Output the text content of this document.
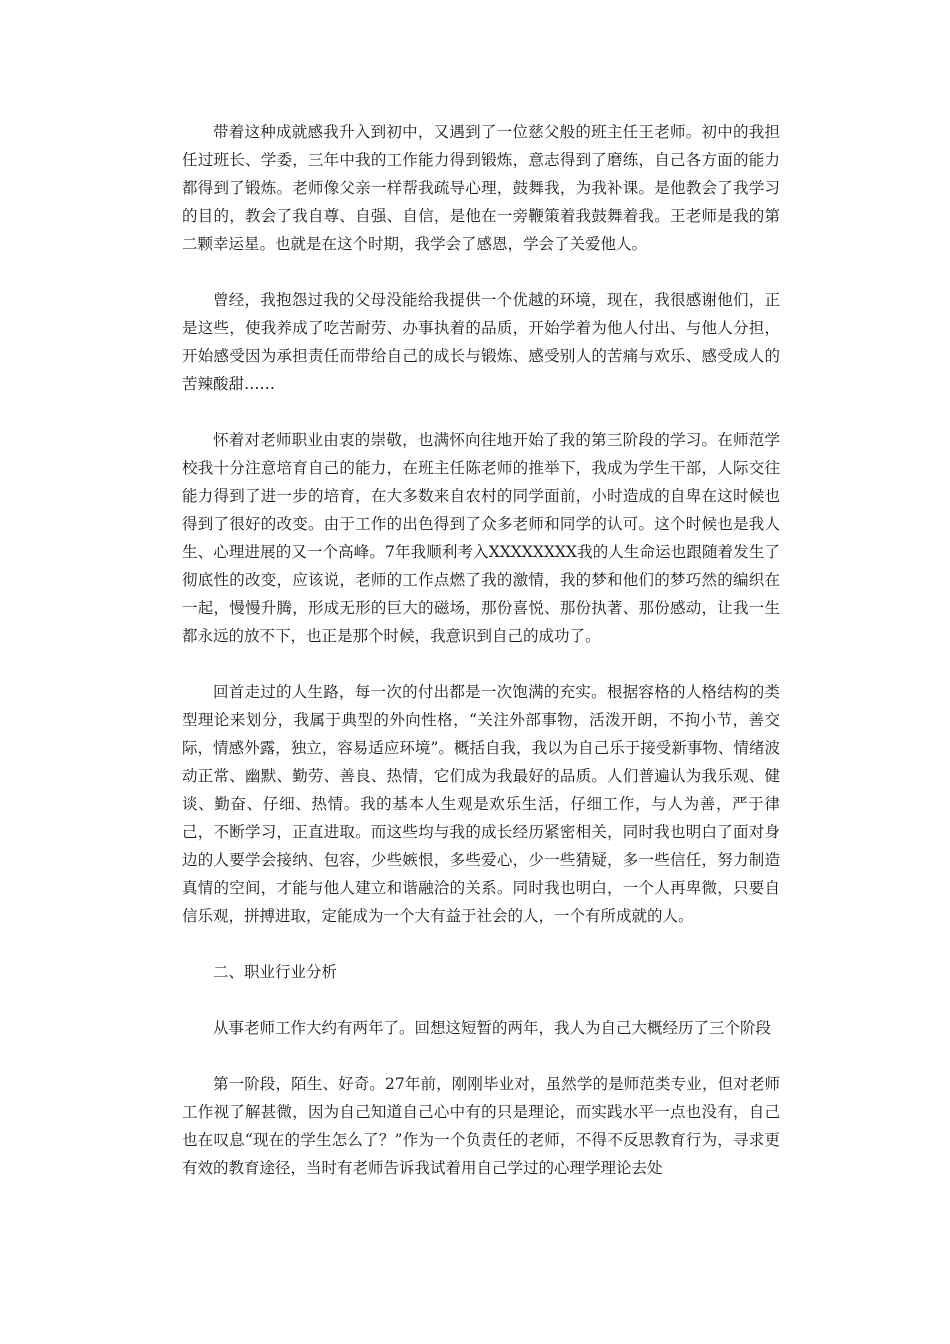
带着这种成就感我升入到初中，又遇到了一位慈父般的班主任王老师。初中的我担任过班长、学委，三年中我的工作能力得到锻炼，意志得到了磨练，自己各方面的能力都得到了锻炼。老师像父亲一样帮我疏导心理，鼓舞我，为我补课。是他教会了我学习的目的，教会了我自尊、自强、自信，是他在一旁鞭策着我鼓舞着我。王老师是我的第二颗幸运星。也就是在这个时期，我学会了感恩，学会了关爱他人。

曾经，我抱怨过我的父母没能给我提供一个优越的环境，现在，我很感谢他们，正是这些，使我养成了吃苦耐劳、办事执着的品质，开始学着为他人付出、与他人分担，开始感受因为承担责任而带给自己的成长与锻炼、感受别人的苦痛与欢乐、感受成人的苦辣酸甜……

怀着对老师职业由衷的崇敬，也满怀向往地开始了我的第三阶段的学习。在师范学校我十分注意培育自己的能力，在班主任陈老师的推举下，我成为学生干部，人际交往能力得到了进一步的培育，在大多数来自农村的同学面前，小时造成的自卑在这时候也得到了很好的改变。由于工作的出色得到了众多老师和同学的认可。这个时候也是我人生、心理进展的又一个高峰。7年我顺利考入XXXXXXXX我的人生命运也跟随着发生了彻底性的改变，应该说，老师的工作点燃了我的激情，我的梦和他们的梦巧然的编织在一起，慢慢升腾，形成无形的巨大的磁场，那份喜悦、那份执著、那份感动，让我一生都永远的放不下，也正是那个时候，我意识到自己的成功了。

回首走过的人生路，每一次的付出都是一次饱满的充实。根据容格的人格结构的类型理论来划分，我属于典型的外向性格，“关注外部事物，活泼开朗，不拘小节，善交际，情感外露，独立，容易适应环境”。概括自我，我以为自己乐于接受新事物、情绪波动正常、幽默、勤劳、善良、热情，它们成为我最好的品质。人们普遍认为我乐观、健谈、勤奋、仔细、热情。我的基本人生观是欢乐生活，仔细工作，与人为善，严于律己，不断学习，正直进取。而这些均与我的成长经历紧密相关，同时我也明白了面对身边的人要学会接纳、包容，少些嫉恨，多些爱心，少一些猜疑，多一些信任，努力制造真情的空间，才能与他人建立和谐融洽的关系。同时我也明白，一个人再卑微，只要自信乐观，拼搏进取，定能成为一个大有益于社会的人，一个有所成就的人。

二、职业行业分析

从事老师工作大约有两年了。回想这短暂的两年，我人为自己大概经历了三个阶段

第一阶段，陌生、好奇。27年前，刚刚毕业对，虽然学的是师范类专业，但对老师工作视了解甚微，因为自己知道自己心中有的只是理论，而实践水平一点也没有，自己也在叹息“现在的学生怎么了？”作为一个负责任的老师，不得不反思教育行为，寻求更有效的教育途径，当时有老师告诉我试着用自己学过的心理学理论去处
